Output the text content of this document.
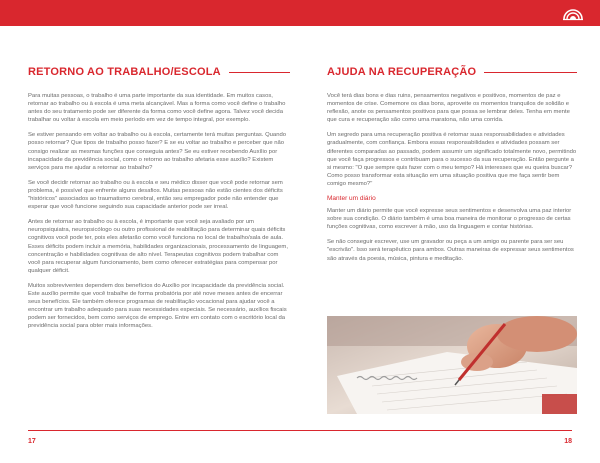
RETORNO AO TRABALHO/ESCOLA

Para muitas pessoas, o trabalho é uma parte importante da sua identidade. Em muitos casos, retornar ao trabalho ou à escola é uma meta alcançável. Mas a forma como você define o trabalho antes do seu tratamento pode ser diferente da forma como você define agora. Talvez você decida trabalhar ou voltar à escola em meio período em vez de tempo integral, por exemplo.

Se estiver pensando em voltar ao trabalho ou à escola, certamente terá muitas perguntas. Quando posso retornar? Que tipos de trabalho posso fazer? E se eu voltar ao trabalho e perceber que não consigo realizar as mesmas funções que conseguia antes? Se eu estiver recebendo Auxílio por incapacidade da previdência social, como o retorno ao trabalho afetaria esse auxílio? Existem serviços para me ajudar a retornar ao trabalho?

Se você decidir retornar ao trabalho ou à escola e seu médico disser que você pode retornar sem problema, é possível que enfrente alguns desafios. Muitas pessoas não estão cientes dos déficits "históricos" associados ao traumatismo cerebral, então seu empregador pode não entender que esperar que você funcione seguindo sua capacidade anterior pode ser irreal.

Antes de retornar ao trabalho ou à escola, é importante que você seja avaliado por um neuropsiquiatra, neuropsicólogo ou outro profissional de reabilitação para determinar quais déficits cognitivos você pode ter, pois eles afetarão como você funciona no local de trabalho/sala de aula. Esses déficits podem incluir a memória, habilidades organizacionais, processamento de linguagem, concentração e habilidades cognitivas de alto nível. Terapeutas cognitivos podem trabalhar com você para recuperar algum funcionamento, bem como oferecer estratégias para compensar por qualquer déficit.

Muitos sobreviventes dependem dos benefícios do Auxílio por incapacidade da previdência social. Este auxílio permite que você trabalhe de forma probatória por até nove meses antes de encerrar seus benefícios. Ele também oferece programas de reabilitação vocacional para ajudar você a encontrar um trabalho adequado para suas necessidades especiais. Se necessário, auxílios fiscais podem ser fornecidos, bem como serviços de emprego. Entre em contato com o escritório local da previdência social para obter mais informações.

AJUDA NA RECUPERAÇÃO

Você terá dias bons e dias ruins, pensamentos negativos e positivos, momentos de paz e momentos de crise. Comemore os dias bons, aproveite os momentos tranquilos de solidão e reflexão, anote os pensamentos positivos para que possa se lembrar deles. Tenha em mente que cura e recuperação são como uma maratona, não uma corrida.

Um segredo para uma recuperação positiva é retomar suas responsabilidades e atividades gradualmente, com confiança. Embora essas responsabilidades e atividades possam ser diferentes comparadas ao passado, podem assumir um significado totalmente novo, permitindo que você faça progressos e contribuam para o sucesso da sua recuperação. Então pergunte a si mesmo: "O que sempre quis fazer com o meu tempo? Há interesses que eu queira buscar? Como posso transformar esta situação em uma situação positiva que me faça sentir bem comigo mesmo?"

Manter um diário

Manter um diário permite que você expresse seus sentimentos e desenvolva uma paz interior sobre sua condição. O diário também é uma boa maneira de monitorar o progresso de certas funções cognitivas, como escrever à mão, uso da linguagem e contar histórias.

Se não conseguir escrever, use um gravador ou peça a um amigo ou parente para ser seu "escrivão". Isso será terapêutico para ambos. Outras maneiras de expressar seus sentimentos são através da poesia, música, pintura e meditação.

17	18
